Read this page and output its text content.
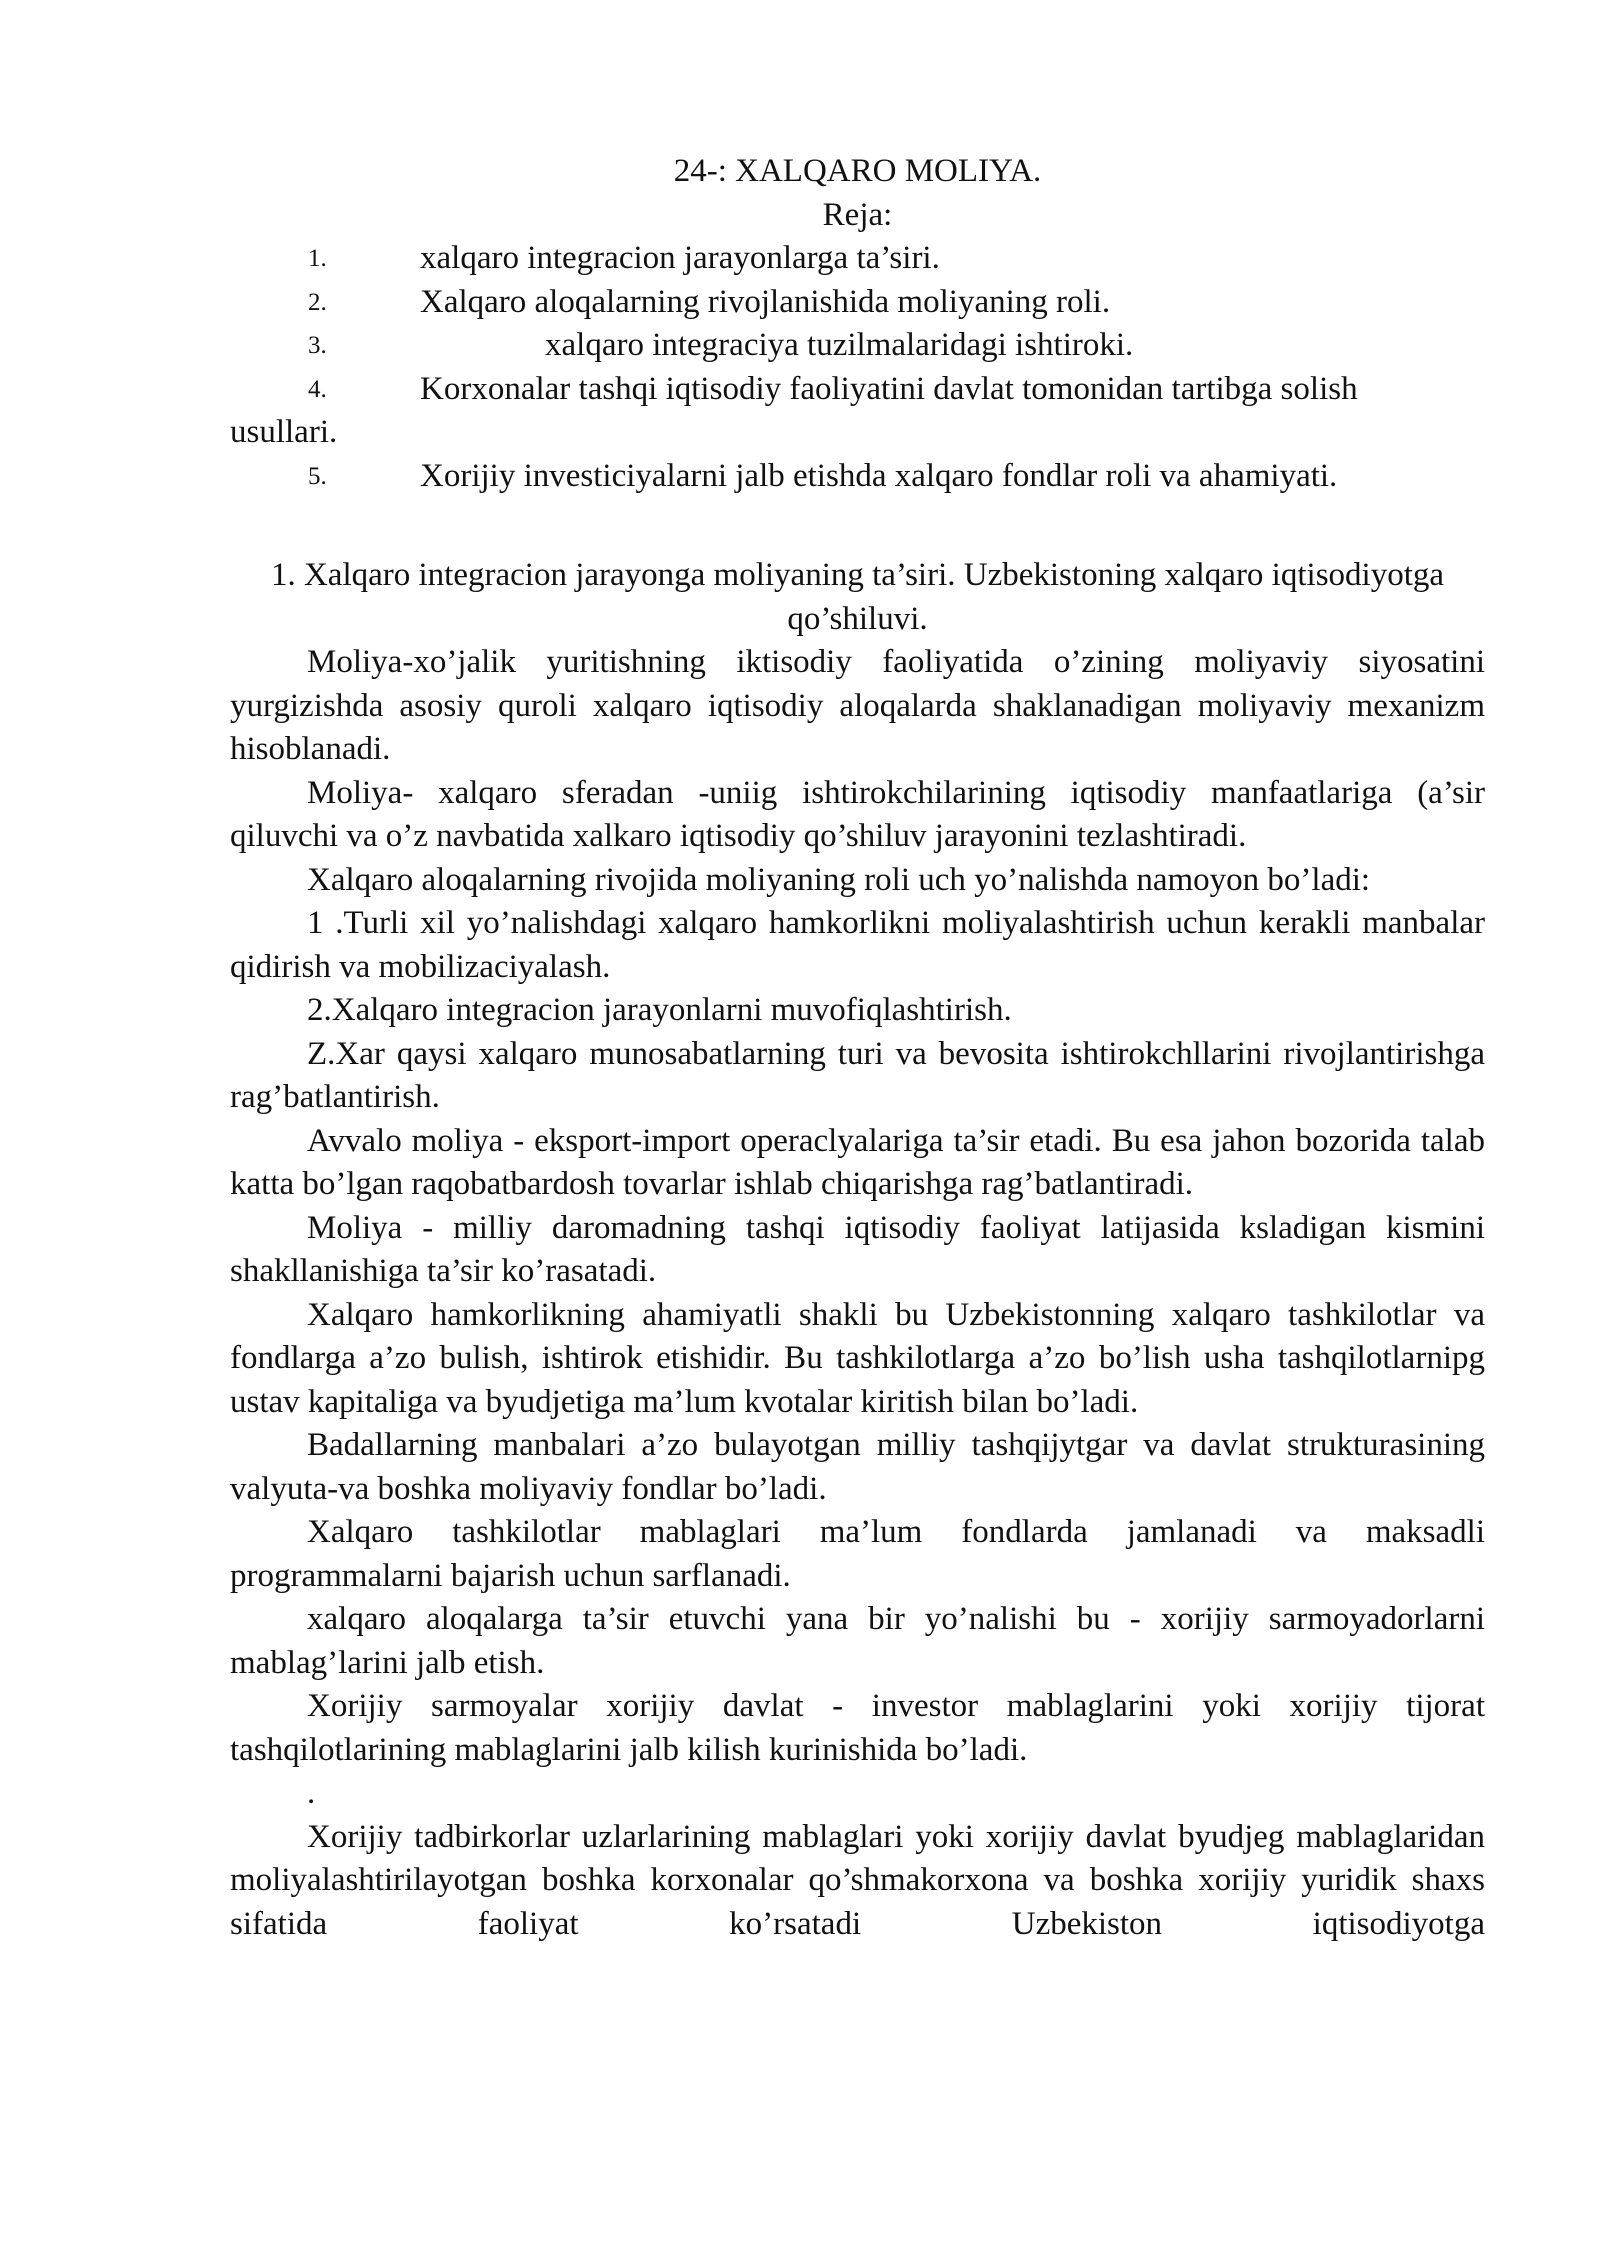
24-: XALQARO MOLIYA.
Reja:
1.	xalqaro integracion jarayonlarga ta’siri.
2.	Xalqaro aloqalarning rivojlanishida moliyaning roli.
3.	xalqaro integraciya tuzilmalaridagi ishtiroki.
4.	Korxonalar tashqi iqtisodiy faoliyatini davlat tomonidan tartibga solish
usullari.
5.	Xorijiy investiciyalarni jalb etishda xalqaro fondlar roli va ahamiyati.
1. Xalqaro integracion jarayonga moliyaning ta’siri. Uzbekistoning xalqaro iqtisodiyotga qo’shiluvi.

Moliya-xo’jalik yuritishning iktisodiy faoliyatida o’zining moliyaviy siyosatini yurgizishda asosiy quroli xalqaro iqtisodiy aloqalarda shaklanadigan moliyaviy mexanizm hisoblanadi.

Moliya- xalqaro sferadan -uniig ishtirokchilarining iqtisodiy manfaatlariga (a’sir qiluvchi va o’z navbatida xalkaro iqtisodiy qo’shiluv jarayonini tezlashtiradi.

Xalqaro aloqalarning rivojida moliyaning roli uch yo’nalishda namoyon bo’ladi:

1 .Turli xil yo’nalishdagi xalqaro hamkorlikni moliyalashtirish uchun kerakli manbalar qidirish va mobilizaciyalash.

2.Xalqaro integracion jarayonlarni muvofiqlashtirish.

Z.Xar qaysi xalqaro munosabatlarning turi va bevosita ishtirokchllarini rivojlantirishga rag’batlantirish.

Avvalo moliya - eksport-import operaclyalariga ta’sir etadi. Bu esa jahon bozorida talab katta bo’lgan raqobatbardosh tovarlar ishlab chiqarishga rag’batlantiradi.

Moliya - milliy daromadning tashqi iqtisodiy faoliyat latijasida ksladigan kismini shakllanishiga ta’sir ko’rasatadi.

Xalqaro hamkorlikning ahamiyatli shakli bu Uzbekistonning xalqaro tashkilotlar va fondlarga a’zo bulish, ishtirok etishidir. Bu tashkilotlarga a’zo bo’lish usha tashqilotlarnipg ustav kapitaliga va byudjetiga ma’lum kvotalar kiritish bilan bo’ladi.

Badallarning manbalari a’zo bulayotgan milliy tashqijytgar va davlat strukturasining valyuta-va boshka moliyaviy fondlar bo’ladi.

Xalqaro tashkilotlar mablaglari ma’lum fondlarda jamlanadi va maksadli programmalarni bajarish uchun sarflanadi.

xalqaro aloqalarga ta’sir etuvchi yana bir yo’nalishi bu - xorijiy sarmoyadorlarni mablag’larini jalb etish.

Xorijiy sarmoyalar xorijiy davlat - investor mablaglarini yoki xorijiy tijorat tashqilotlarining mablaglarini jalb kilish kurinishida bo’ladi.

.

Xorijiy tadbirkorlar uzlarlarining mablaglari yoki xorijiy davlat byudjeg mablaglaridan moliyalashtirilayotgan boshka korxonalar qo’shmakorxona va boshka xorijiy yuridik shaxs sifatida faoliyat ko’rsatadi Uzbekiston iqtisodiyotga
